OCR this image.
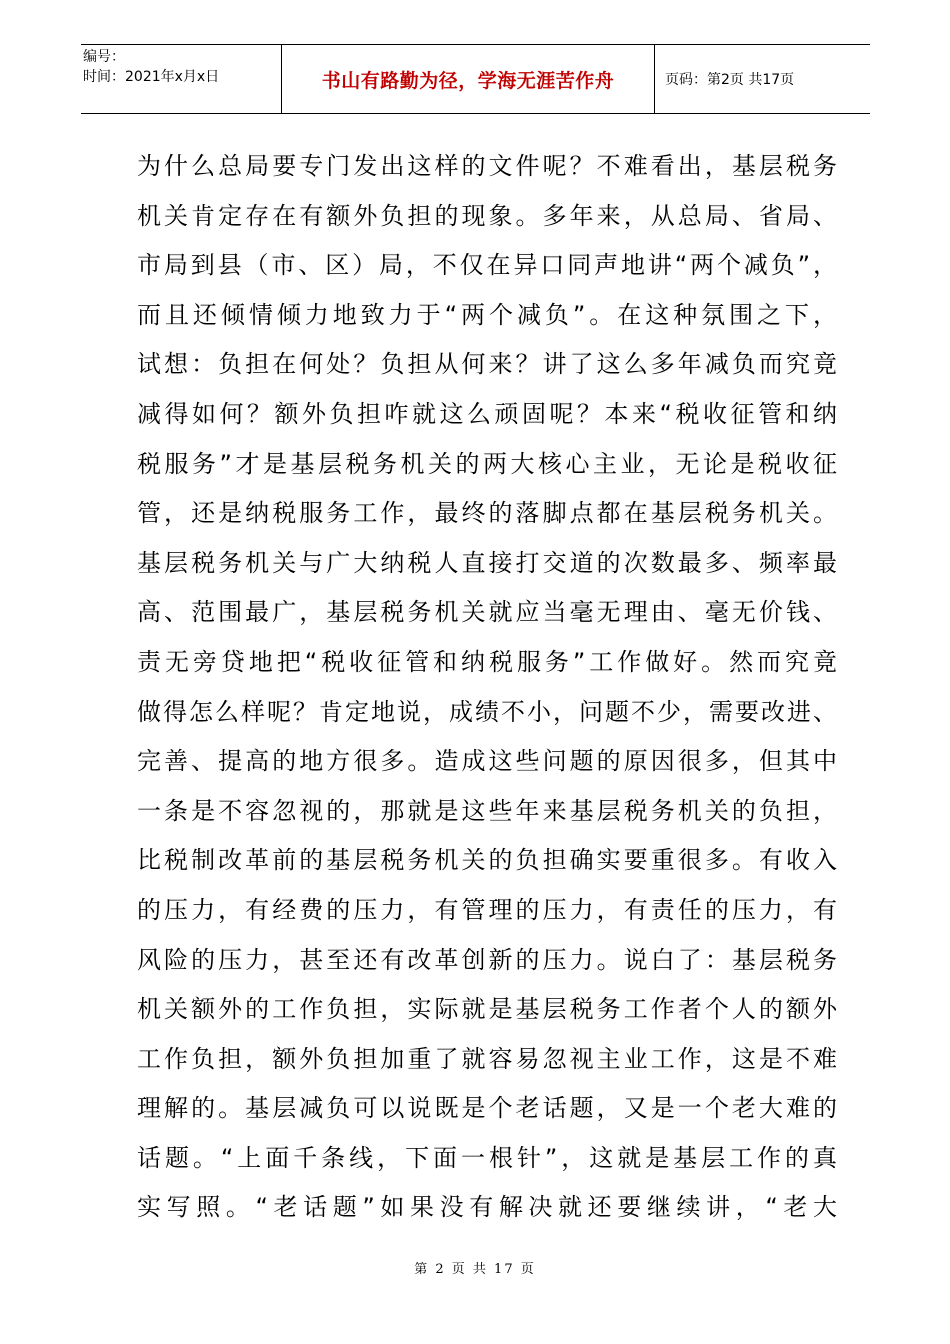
编号：
时间：2021年x月x日	书山有路勤为径，学海无涯苦作舟	页码：第2页 共17页
为什么总局要专门发出这样的文件呢？不难看出，基层税务
机关肯定存在有额外负担的现象。多年来，从总局、省局、
市局到县（市、区）局，不仅在异口同声地讲“两个减负”，
而且还倾情倾力地致力于“两个减负”。在这种氛围之下，
试想：负担在何处？负担从何来？讲了这么多年减负而究竟
减得如何？额外负担咋就这么顽固呢？本来“税收征管和纳
税服务”才是基层税务机关的两大核心主业，无论是税收征
管，还是纳税服务工作，最终的落脚点都在基层税务机关。
基层税务机关与广大纳税人直接打交道的次数最多、频率最
高、范围最广，基层税务机关就应当毫无理由、毫无价钱、
责无旁贷地把“税收征管和纳税服务”工作做好。然而究竟
做得怎么样呢？肯定地说，成绩不小，问题不少，需要改进、
完善、提高的地方很多。造成这些问题的原因很多，但其中
一条是不容忽视的，那就是这些年来基层税务机关的负担，
比税制改革前的基层税务机关的负担确实要重很多。有收入
的压力，有经费的压力，有管理的压力，有责任的压力，有
风险的压力，甚至还有改革创新的压力。说白了：基层税务
机关额外的工作负担，实际就是基层税务工作者个人的额外
工作负担，额外负担加重了就容易忽视主业工作，这是不难
理解的。基层减负可以说既是个老话题，又是一个老大难的
话题。“上面千条线，下面一根针”，这就是基层工作的真
实写照。“老话题”如果没有解决就还要继续讲，“老大
第 2 页 共 17 页
